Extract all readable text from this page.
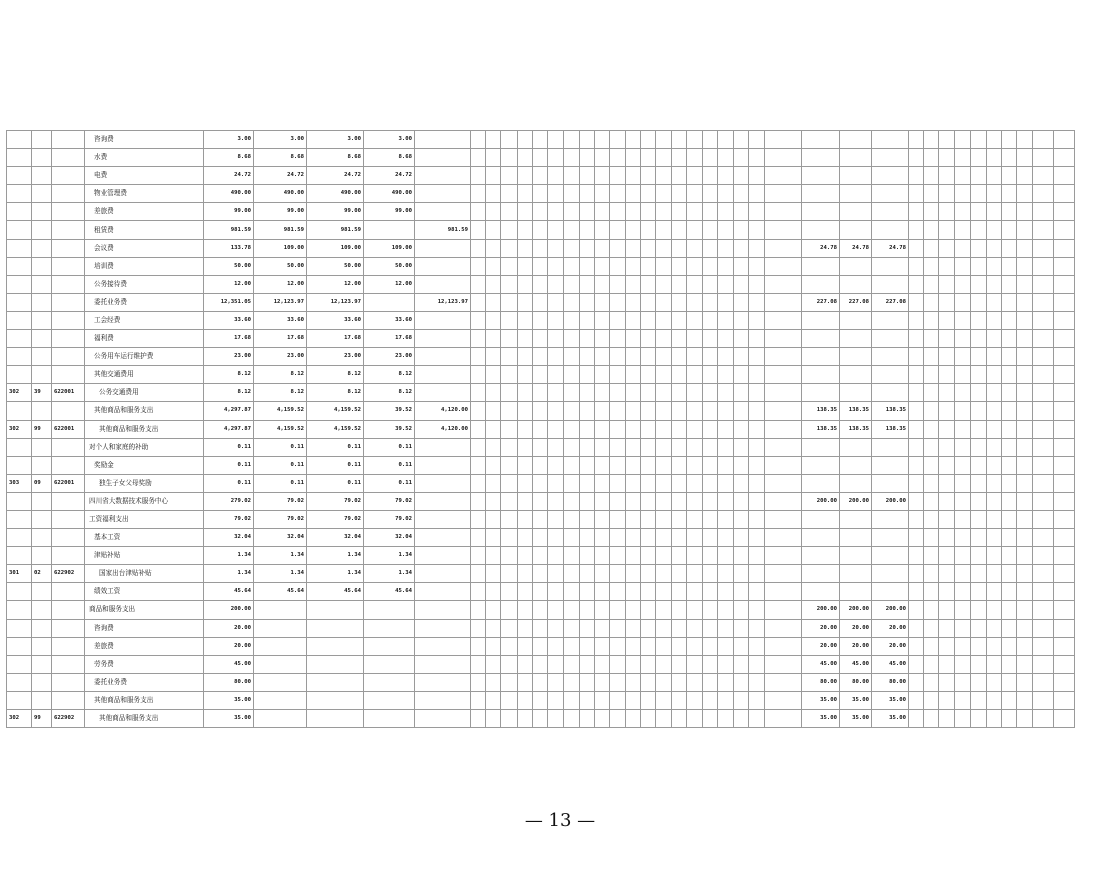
			咨询费	3.00	3.00	3.00	3.00																																		
			水费	8.68	8.68	8.68	8.68																																		
			电费	24.72	24.72	24.72	24.72																																		
			物业管理费	490.00	490.00	490.00	490.00																																		
			差旅费	99.00	99.00	99.00	99.00																																		
			租赁费	981.59	981.59	981.59		981.59																																	
			会议费	133.78	109.00	109.00	109.00																						24.78	24.78	24.78										
			培训费	50.00	50.00	50.00	50.00																																		
			公务接待费	12.00	12.00	12.00	12.00																																		
			委托业务费	12,351.05	12,123.97	12,123.97		12,123.97																					227.08	227.08	227.08										
			工会经费	33.60	33.60	33.60	33.60																																		
			福利费	17.68	17.68	17.68	17.68																																		
			公务用车运行维护费	23.00	23.00	23.00	23.00																																		
			其他交通费用	8.12	8.12	8.12	8.12																																		
302	39	622001	公务交通费用	8.12	8.12	8.12	8.12																																		
			其他商品和服务支出	4,297.87	4,159.52	4,159.52	39.52	4,120.00																					138.35	138.35	138.35										
302	99	622001	其他商品和服务支出	4,297.87	4,159.52	4,159.52	39.52	4,120.00																					138.35	138.35	138.35										
			对个人和家庭的补助	0.11	0.11	0.11	0.11																																		
			奖励金	0.11	0.11	0.11	0.11																																		
303	09	622001	独生子女父母奖励	0.11	0.11	0.11	0.11																																		
			四川省大数据技术服务中心	279.02	79.02	79.02	79.02																						200.00	200.00	200.00										
			工资福利支出	79.02	79.02	79.02	79.02																																		
			基本工资	32.04	32.04	32.04	32.04																																		
			津贴补贴	1.34	1.34	1.34	1.34																																		
301	02	622902	国家出台津贴补贴	1.34	1.34	1.34	1.34																																		
			绩效工资	45.64	45.64	45.64	45.64																																		
			商品和服务支出	200.00																									200.00	200.00	200.00										
			咨询费	20.00																									20.00	20.00	20.00										
			差旅费	20.00																									20.00	20.00	20.00										
			劳务费	45.00																									45.00	45.00	45.00										
			委托业务费	80.00																									80.00	80.00	80.00										
			其他商品和服务支出	35.00																									35.00	35.00	35.00										
302	99	622902	其他商品和服务支出	35.00																									35.00	35.00	35.00										
— 13 —
